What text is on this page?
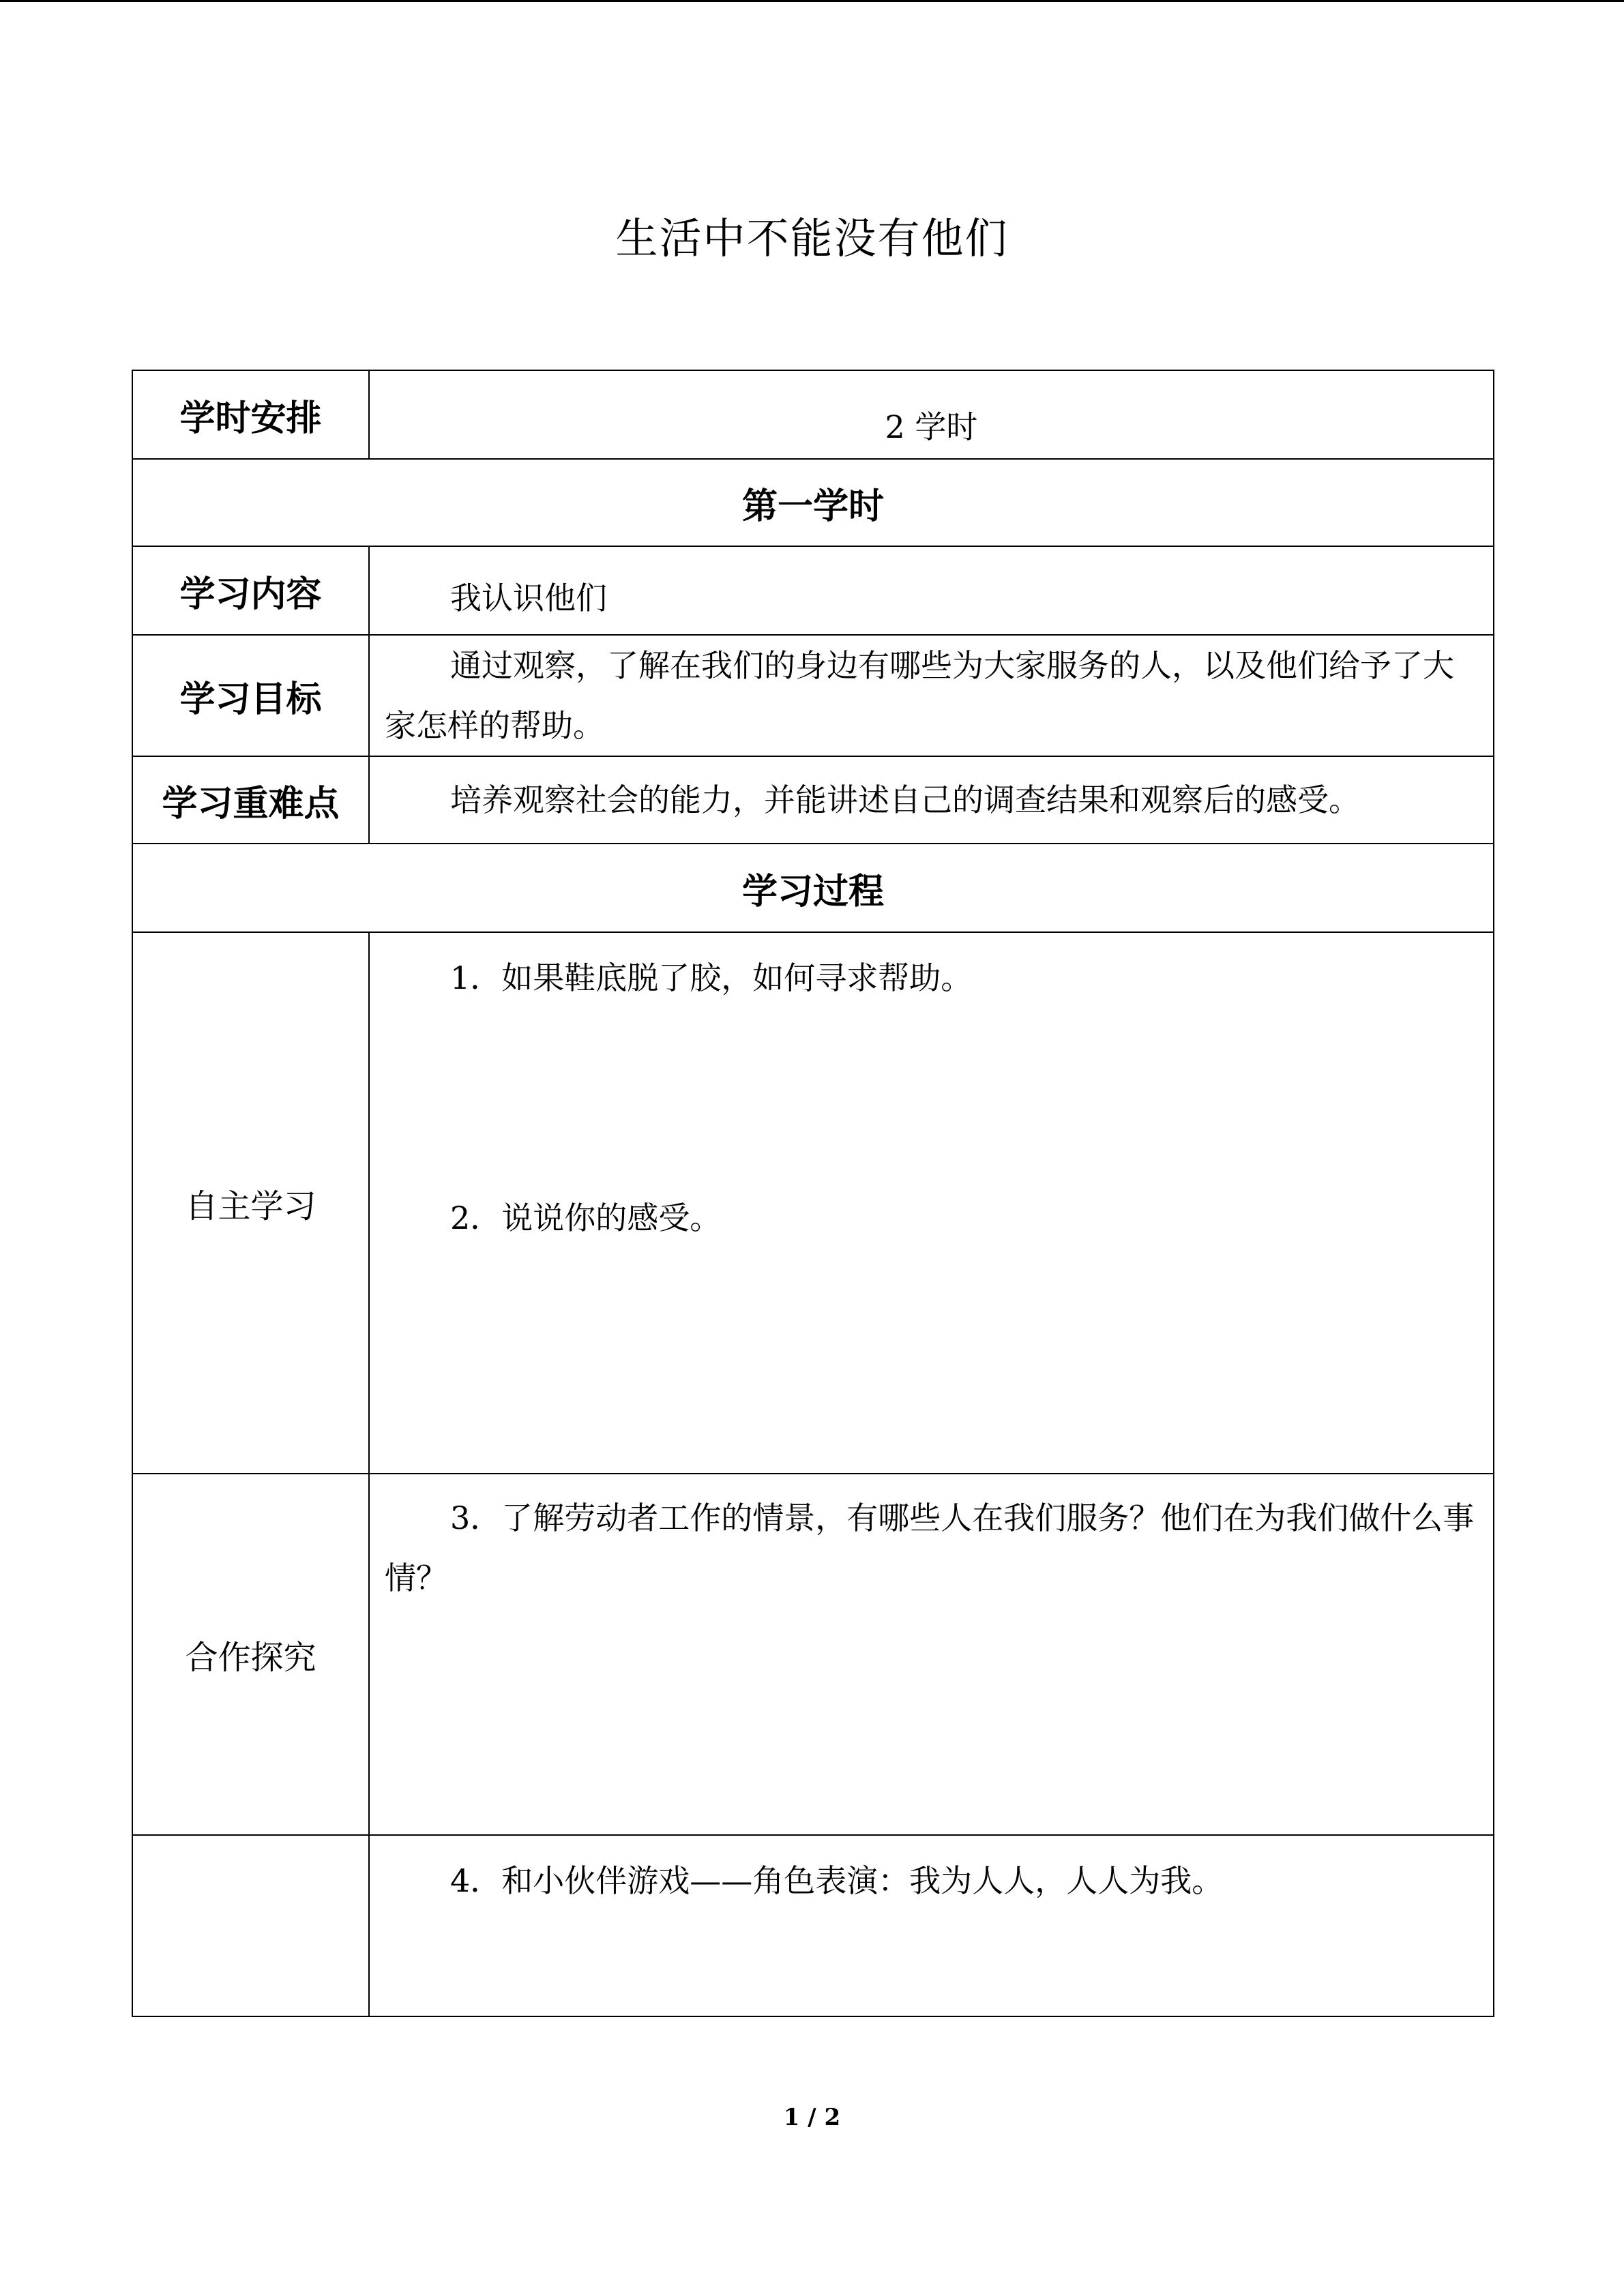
生活中不能没有他们
学时安排	2 学时
第一学时	
学习内容	我认识他们
学习目标	通过观察，了解在我们的身边有哪些为大家服务的人，以及他们给予了大家怎样的帮助。
学习重难点	培养观察社会的能力，并能讲述自己的调查结果和观察后的感受。
学习过程	
自主学习	1．如果鞋底脱了胶，如何寻求帮助。
2．说说你的感受。

合作探究	3．了解劳动者工作的情景，有哪些人在我们服务？他们在为我们做什么事情？

	4．和小伙伴游戏——角色表演：我为人人，人人为我。
1 / 2
